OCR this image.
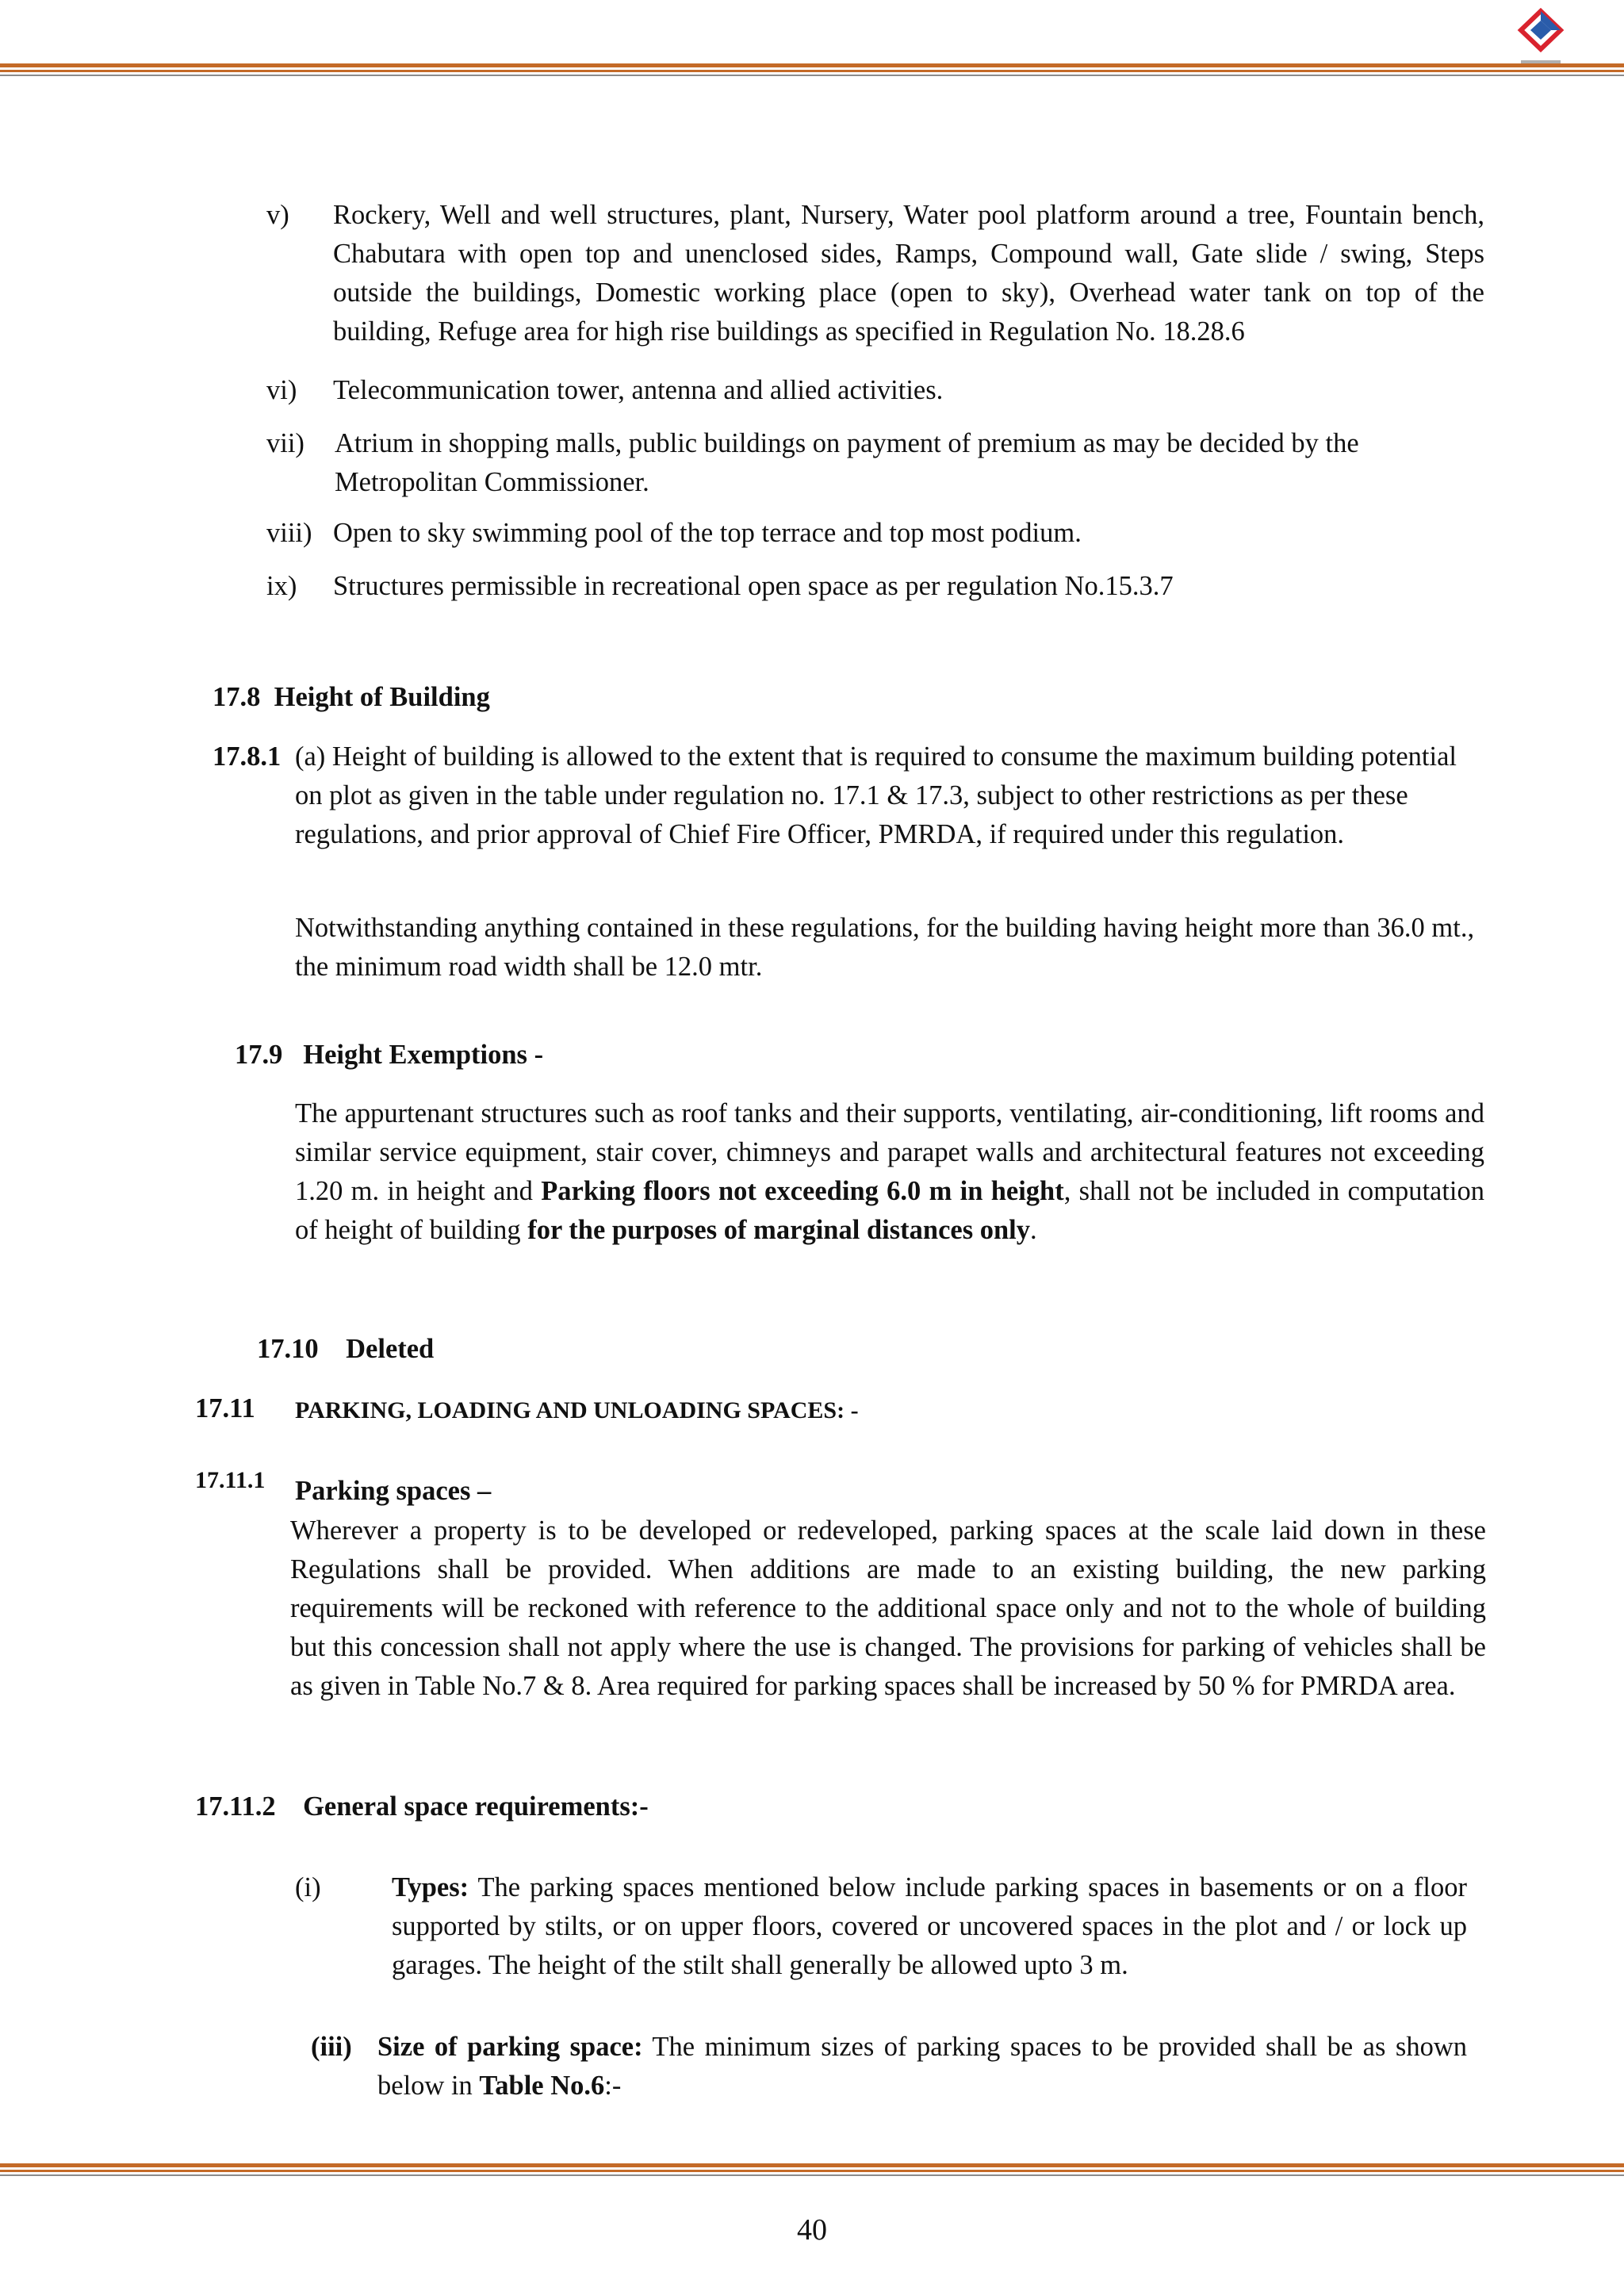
v) Rockery, Well and well structures, plant, Nursery, Water pool platform around a tree, Fountain bench, Chabutara with open top and unenclosed sides, Ramps, Compound wall, Gate slide / swing, Steps outside the buildings, Domestic working place (open to sky), Overhead water tank on top of the building, Refuge area for high rise buildings as specified in Regulation No. 18.28.6
vi) Telecommunication tower, antenna and allied activities.
vii) Atrium in shopping malls, public buildings on payment of premium as may be decided by the Metropolitan Commissioner.
viii) Open to sky swimming pool of the top terrace and top most podium.
ix) Structures permissible in recreational open space as per regulation No.15.3.7
17.8  Height of Building
17.8.1 (a) Height of building is allowed to the extent that is required to consume the maximum building potential on plot as given in the table under regulation no. 17.1 & 17.3, subject to other restrictions as per these regulations, and prior approval of Chief Fire Officer, PMRDA, if required under this regulation.
Notwithstanding anything contained in these regulations, for the building having height more than 36.0 mt., the minimum road width shall be 12.0 mtr.
17.9   Height Exemptions -
The appurtenant structures such as roof tanks and their supports, ventilating, air-conditioning, lift rooms and similar service equipment, stair cover, chimneys and parapet walls and architectural features not exceeding 1.20 m. in height and Parking floors not exceeding 6.0 m in height, shall not be included in computation of height of building for the purposes of marginal distances only.
17.10    Deleted
17.11 PARKING, LOADING AND UNLOADING SPACES: -
17.11.1 Parking spaces –
Wherever a property is to be developed or redeveloped, parking spaces at the scale laid down in these Regulations shall be provided. When additions are made to an existing building, the new parking requirements will be reckoned with reference to the additional space only and not to the whole of building but this concession shall not apply where the use is changed. The provisions for parking of vehicles shall be as given in Table No.7 & 8. Area required for parking spaces shall be increased by 50 % for PMRDA area.
17.11.2    General space requirements:-
(i)	Types: The parking spaces mentioned below include parking spaces in basements or on a floor supported by stilts, or on upper floors, covered or uncovered spaces in the plot and / or lock up garages. The height of the stilt shall generally be allowed upto 3 m.
(iii) Size of parking space: The minimum sizes of parking spaces to be provided shall be as shown below in Table No.6:-
40
